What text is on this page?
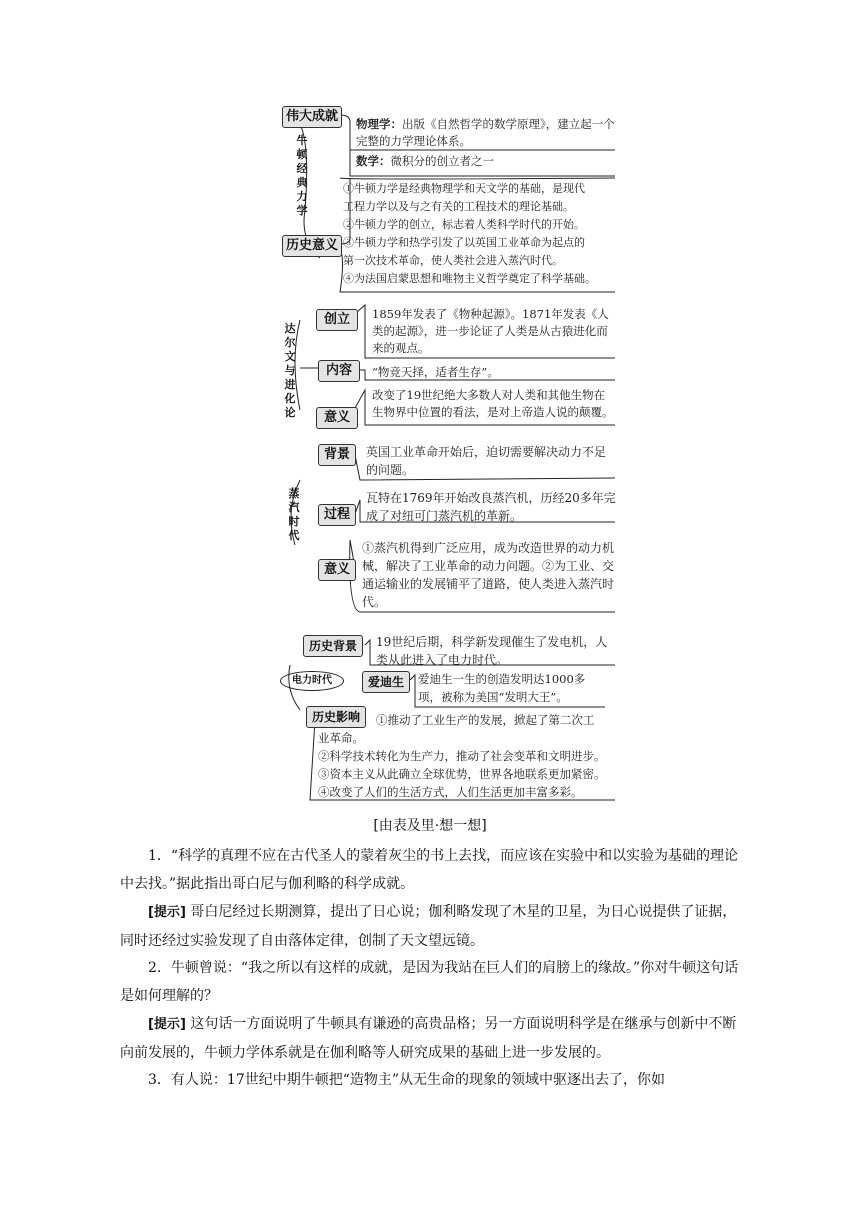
伟大成就
牛
顿
经
典
力
学
物理学：出版《自然哲学的数学原理》，建立起一个完整的力学理论体系。
数学：微积分的创立者之一
历史意义
①牛顿力学是经典物理学和天文学的基础，是现代
工程力学以及与之有关的工程技术的理论基础。
②牛顿力学的创立，标志着人类科学时代的开始。
③牛顿力学和热学引发了以英国工业革命为起点的
第一次技术革命，使人类社会进入蒸汽时代。
④为法国启蒙思想和唯物主义哲学奠定了科学基础。
达
尔
文
与
进
化
论
创立	1859年发表了《物种起源》。1871年发表《人类的起源》，进一步论证了人类是从古猿进化而来的观点。
内容	“物竞天择，适者生存”。
意义
改变了19世纪绝大多数人对人类和其他生物在生物界中位置的看法，是对上帝造人说的颠覆。
蒸
汽
时
代
背景	英国工业革命开始后，迫切需要解决动力不足的问题。
过程
瓦特在1769年开始改良蒸汽机，历经20多年完成了对纽可门蒸汽机的革新。
意义
①蒸汽机得到广泛应用，成为改造世界的动力机械，解决了工业革命的动力问题。②为工业、交通运输业的发展铺平了道路，使人类进入蒸汽时代。
电力时代
历史背景	19世纪后期，科学新发现催生了发电机，人类从此进入了电力时代。
爱迪生	爱迪生一生的创造发明达1000多项，被称为美国“发明大王”。
历史影响	①推动了工业生产的发展，掀起了第二次工
业革命。
②科学技术转化为生产力，推动了社会变革和文明进步。
③资本主义从此确立全球优势，世界各地联系更加紧密。
④改变了人们的生活方式，人们生活更加丰富多彩。
[由表及里·想一想]
1．“科学的真理不应在古代圣人的蒙着灰尘的书上去找，而应该在实验中和以实验为基础的理论中去找。”据此指出哥白尼与伽利略的科学成就。
[提示] 哥白尼经过长期测算，提出了日心说；伽利略发现了木星的卫星，为日心说提供了证据，同时还经过实验发现了自由落体定律，创制了天文望远镜。
2．牛顿曾说：“我之所以有这样的成就，是因为我站在巨人们的肩膀上的缘故。”你对牛顿这句话是如何理解的？
[提示] 这句话一方面说明了牛顿具有谦逊的高贵品格；另一方面说明科学是在继承与创新中不断向前发展的，牛顿力学体系就是在伽利略等人研究成果的基础上进一步发展的。
3．有人说：17世纪中期牛顿把“造物主”从无生命的现象的领域中驱逐出去了，你如
